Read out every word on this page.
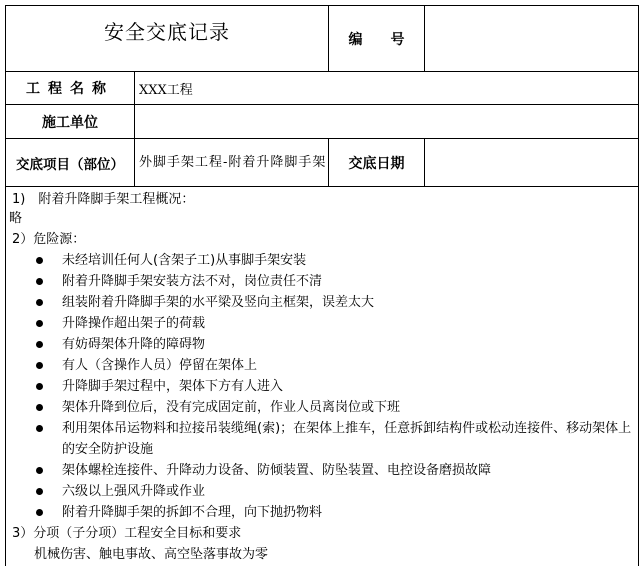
安全交底记录	编　　号
工程名称	XXX工程
施工单位
交底项目（部位）	外脚手架工程-附着升降脚手架	交底日期
1)　附着升降脚手架工程概况：
略
2）危险源：
未经培训任何人(含架子工)从事脚手架安装
附着升降脚手架安装方法不对，岗位责任不清
组装附着升降脚手架的水平梁及竖向主框架，误差太大
升降操作超出架子的荷载
有妨碍架体升降的障碍物
有人（含操作人员）停留在架体上
升降脚手架过程中，架体下方有人进入
架体升降到位后，没有完成固定前，作业人员离岗位或下班
利用架体吊运物料和拉接吊装缆绳(索)；在架体上推车，任意拆卸结构件或松动连接件、移动架体上的安全防护设施
架体螺栓连接件、升降动力设备、防倾装置、防坠装置、电控设备磨损故障
六级以上强风升降或作业
附着升降脚手架的拆卸不合理，向下抛扔物料
3）分项（子分项）工程安全目标和要求
机械伤害、触电事故、高空坠落事故为零
